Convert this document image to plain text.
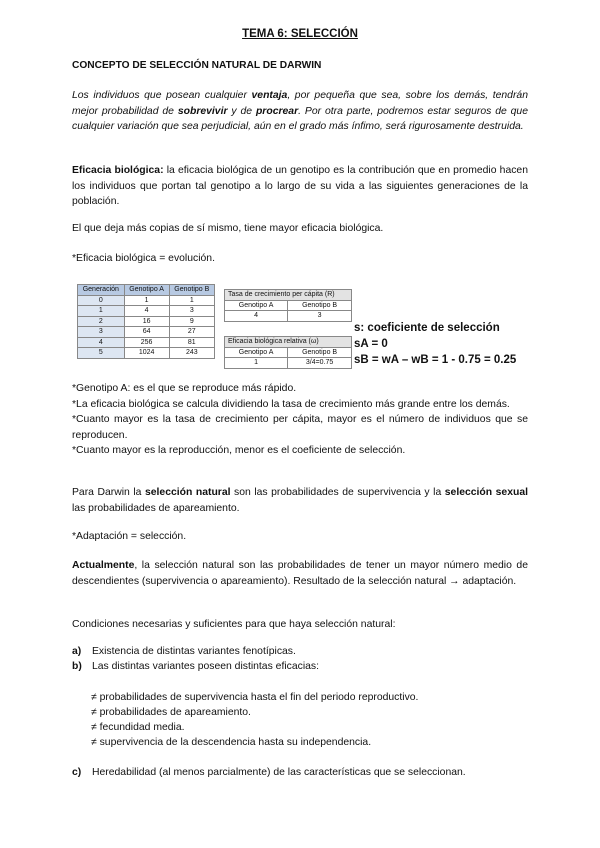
TEMA 6: SELECCIÓN
CONCEPTO DE SELECCIÓN NATURAL DE DARWIN
Los individuos que posean cualquier ventaja, por pequeña que sea, sobre los demás, tendrán mejor probabilidad de sobrevivir y de procrear. Por otra parte, podremos estar seguros de que cualquier variación que sea perjudicial, aún en el grado más ínfimo, será rigurosamente destruida.
Eficacia biológica: la eficacia biológica de un genotipo es la contribución que en promedio hacen los individuos que portan tal genotipo a lo largo de su vida a las siguientes generaciones de la población.
El que deja más copias de sí mismo, tiene mayor eficacia biológica.
*Eficacia biológica = evolución.
Generación	Genotipo A	Genotipo B
0	1	1
1	4	3
2	16	9
3	64	27
4	256	81
5	1024	243
Tasa de crecimiento per cápita (R)	
Genotipo A	Genotipo B
4	3
Eficacia biológica relativa (ω)	
Genotipo A	Genotipo B
1	3/4=0.75
s: coeficiente de selección
sA = 0
sB = wA – wB = 1 - 0.75 = 0.25
*Genotipo A: es el que se reproduce más rápido.
*La eficacia biológica se calcula dividiendo la tasa de crecimiento más grande entre los demás.
*Cuanto mayor es la tasa de crecimiento per cápita, mayor es el número de individuos que se reproducen.
*Cuanto mayor es la reproducción, menor es el coeficiente de selección.
Para Darwin la selección natural son las probabilidades de supervivencia y la selección sexual las probabilidades de apareamiento.
*Adaptación = selección.
Actualmente, la selección natural son las probabilidades de tener un mayor número medio de descendientes (supervivencia o apareamiento). Resultado de la selección natural → adaptación.
Condiciones necesarias y suficientes para que haya selección natural:
a) Existencia de distintas variantes fenotípicas.
b) Las distintas variantes poseen distintas eficacias:
≠ probabilidades de supervivencia hasta el fin del periodo reproductivo.
≠ probabilidades de apareamiento.
≠ fecundidad media.
≠ supervivencia de la descendencia hasta su independencia.
c) Heredabilidad (al menos parcialmente) de las características que se seleccionan.
